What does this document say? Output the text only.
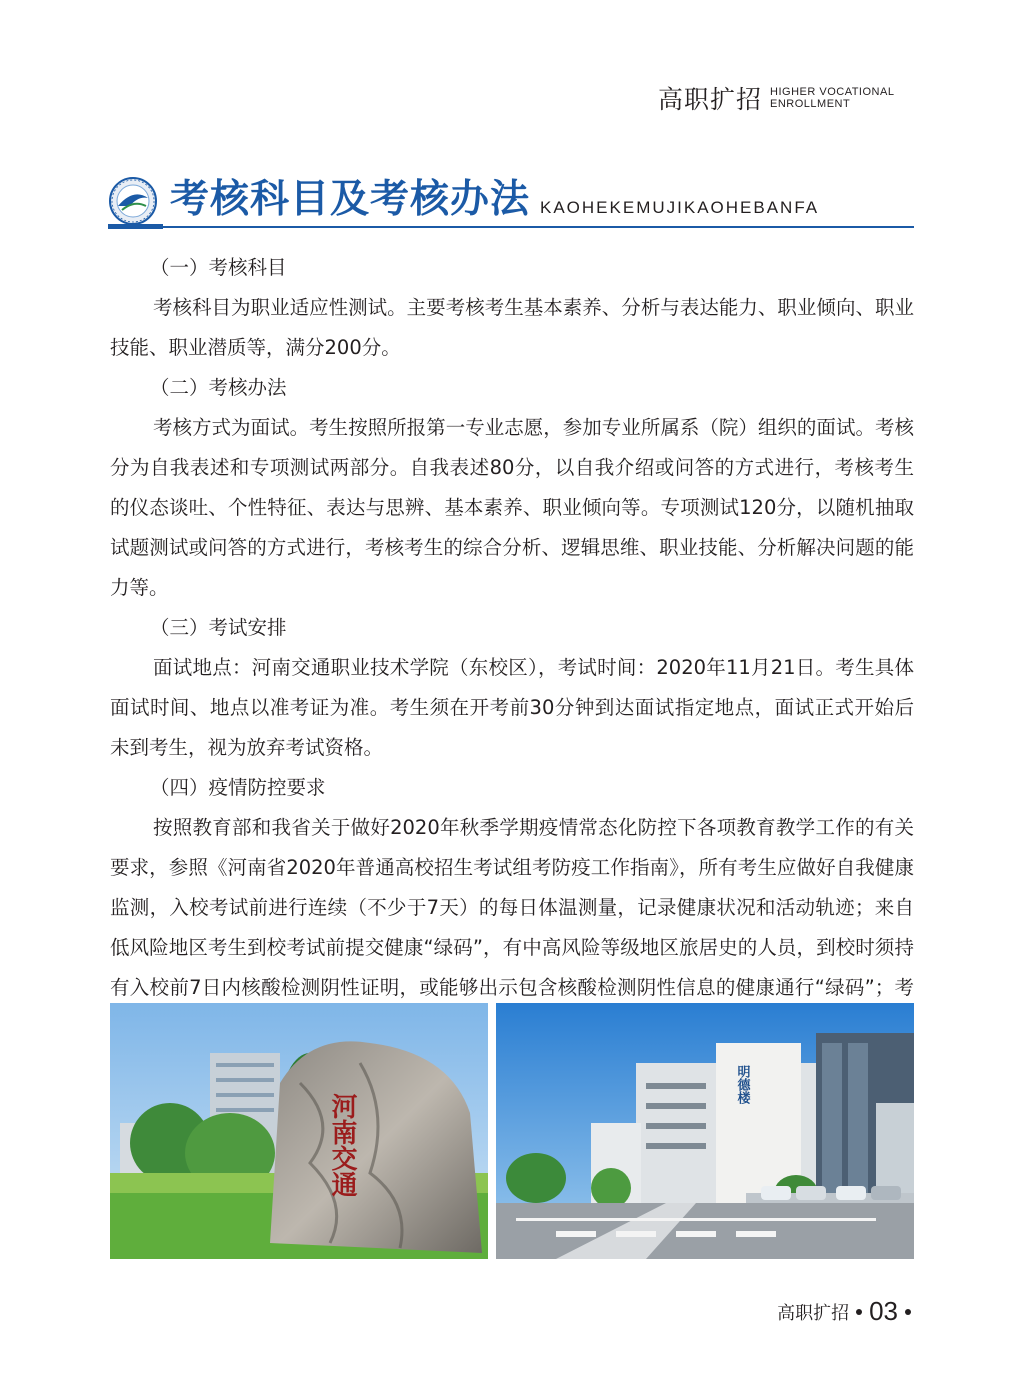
高职扩招 HIGHER VOCATIONAL
ENROLLMENT
考核科目及考核办法 KAOHEKEMUJIKAOHEBANFA

（一）考核科目

考核科目为职业适应性测试。主要考核考生基本素养、分析与表达能力、职业倾向、职业技能、职业潜质等，满分200分。

（二）考核办法

考核方式为面试。考生按照所报第一专业志愿，参加专业所属系（院）组织的面试。考核分为自我表述和专项测试两部分。自我表述80分，以自我介绍或问答的方式进行，考核考生的仪态谈吐、个性特征、表达与思辨、基本素养、职业倾向等。专项测试120分，以随机抽取试题测试或问答的方式进行，考核考生的综合分析、逻辑思维、职业技能、分析解决问题的能力等。

（三）考试安排

面试地点：河南交通职业技术学院（东校区），考试时间：2020年11月21日。考生具体面试时间、地点以准考证为准。考生须在开考前30分钟到达面试指定地点，面试正式开始后未到考生，视为放弃考试资格。

（四）疫情防控要求

按照教育部和我省关于做好2020年秋季学期疫情常态化防控下各项教育教学工作的有关要求，参照《河南省2020年普通高校招生考试组考防疫工作指南》，所有考生应做好自我健康监测，入校考试前进行连续（不少于7天）的每日体温测量，记录健康状况和活动轨迹；来自低风险地区考生到校考试前提交健康“绿码”，有中高风险等级地区旅居史的人员，到校时须持有入校前7日内核酸检测阴性证明，或能够出示包含核酸检测阴性信息的健康通行“绿码”；考

河南交通
明德楼
高职扩招 03
